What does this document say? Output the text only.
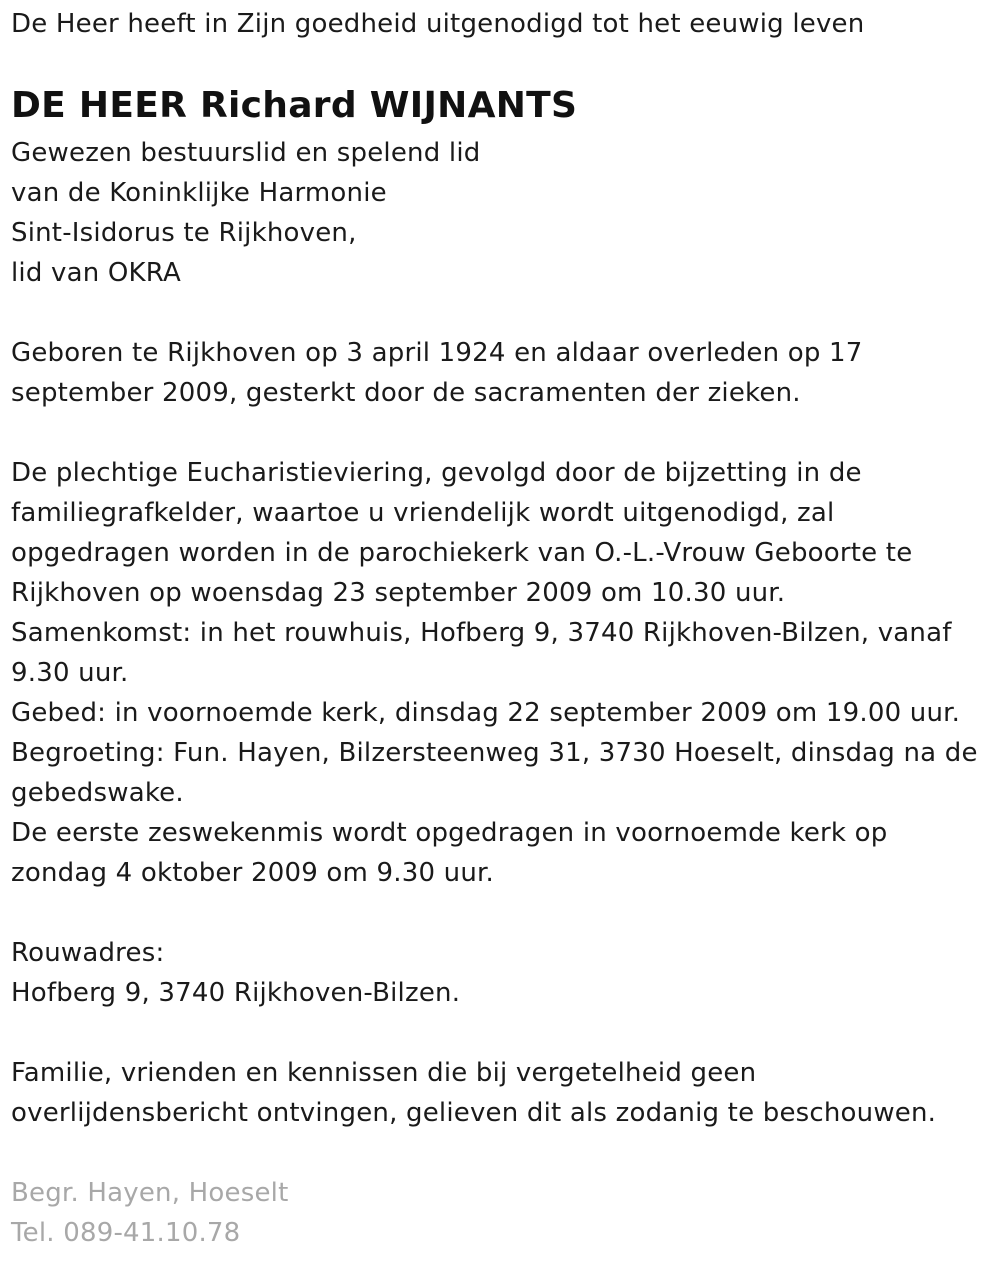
De Heer heeft in Zijn goedheid uitgenodigd tot het eeuwig leven
DE HEER Richard WIJNANTS
Gewezen bestuurslid en spelend lid
van de Koninklijke Harmonie
Sint-Isidorus te Rijkhoven,
lid van OKRA
Geboren te Rijkhoven op 3 april 1924 en aldaar overleden op 17
september 2009, gesterkt door de sacramenten der zieken.
De plechtige Eucharistieviering, gevolgd door de bijzetting in de
familiegrafkelder, waartoe u vriendelijk wordt uitgenodigd, zal
opgedragen worden in de parochiekerk van O.-L.-Vrouw Geboorte te
Rijkhoven op woensdag 23 september 2009 om 10.30 uur.
Samenkomst: in het rouwhuis, Hofberg 9, 3740 Rijkhoven-Bilzen, vanaf
9.30 uur.
Gebed: in voornoemde kerk, dinsdag 22 september 2009 om 19.00 uur.
Begroeting: Fun. Hayen, Bilzersteenweg 31, 3730 Hoeselt, dinsdag na de
gebedswake.
De eerste zeswekenmis wordt opgedragen in voornoemde kerk op
zondag 4 oktober 2009 om 9.30 uur.
Rouwadres:
Hofberg 9, 3740 Rijkhoven-Bilzen.
Familie, vrienden en kennissen die bij vergetelheid geen
overlijdensbericht ontvingen, gelieven dit als zodanig te beschouwen.
Begr. Hayen, Hoeselt
Tel. 089-41.10.78
